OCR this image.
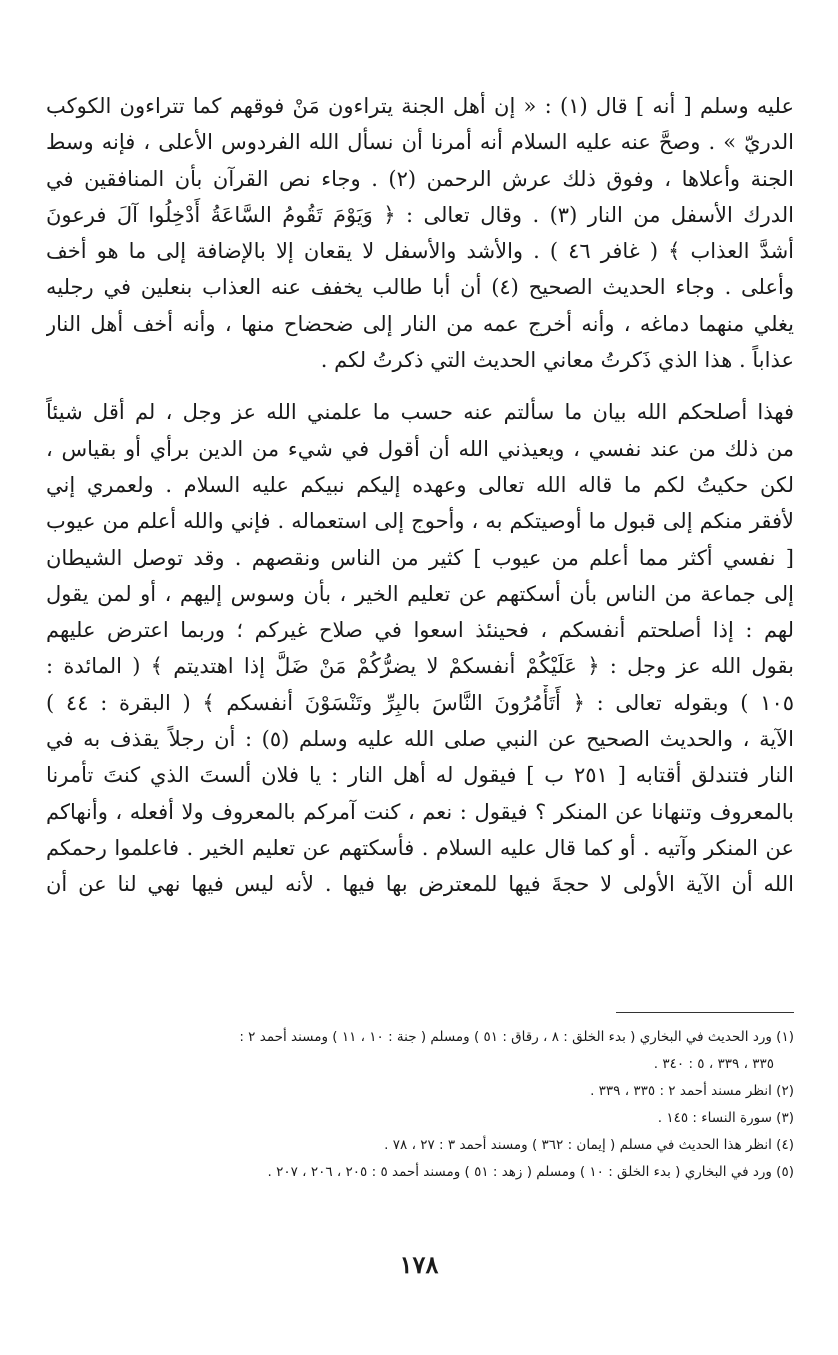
عليه وسلم [ أنه ] قال (١) : « إن أهل الجنة يتراءون مَنْ فوقهم كما تتراءون الكوكب
الدريّ » . وصحَّ عنه عليه السلام أنه أمرنا أن نسأل الله الفردوس الأعلى ، فإنه وسط
الجنة وأعلاها ، وفوق ذلك عرش الرحمن (٢) . وجاء نص القرآن بأن المنافقين في
الدرك الأسفل من النار (٣) . وقال تعالى : ﴿ وَيَوْمَ تَقُومُ السَّاعَةُ أَدْخِلُوا آلَ فرعونَ
أشدَّ العذاب ﴾ ( غافر ٤٦ ) . والأشد والأسفل لا يقعان إلا بالإضافة إلى ما هو أخف
وأعلى . وجاء الحديث الصحيح (٤) أن أبا طالب يخفف عنه العذاب بنعلين في رجليه
يغلي منهما دماغه ، وأنه أخرج عمه من النار إلى ضحضاح منها ، وأنه أخف أهل النار
عذاباً . هذا الذي ذَكرتُ معاني الحديث التي ذكرتُ لكم .
فهذا أصلحكم الله بيان ما سألتم عنه حسب ما علمني الله عز وجل ، لم أقل شيئاً
من ذلك من عند نفسي ، ويعيذني الله أن أقول في شيء من الدين برأي أو بقياس ،
لكن حكيتُ لكم ما قاله الله تعالى وعهده إليكم نبيكم عليه السلام . ولعمري إني
لأفقر منكم إلى قبول ما أوصيتكم به ، وأحوج إلى استعماله . فإني والله أعلم من عيوب
[ نفسي أكثر مما أعلم من عيوب ] كثير من الناس ونقصهم . وقد توصل الشيطان
إلى جماعة من الناس بأن أسكتهم عن تعليم الخير ، بأن وسوس إليهم ، أو لمن يقول
لهم : إذا أصلحتم أنفسكم ، فحينئذ اسعوا في صلاح غيركم ؛ وربما اعترض عليهم
بقول الله عز وجل : ﴿ عَلَيْكُمْ أنفسكمْ لا يضرُّكُمْ مَنْ ضَلَّ إذا اهتديتم ﴾ ( المائدة :
١٠٥ ) وبقوله تعالى : ﴿ أَتَأْمُرُونَ النَّاسَ بالبِرِّ وتَنْسَوْنَ أنفسكم ﴾ ( البقرة : ٤٤ )
الآية ، والحديث الصحيح عن النبي صلى الله عليه وسلم (٥) : أن رجلاً يقذف به في
النار فتندلق أقتابه [ ٢٥١ ب ] فيقول له أهل النار : يا فلان ألستَ الذي كنتَ تأمرنا
بالمعروف وتنهانا عن المنكر ؟ فيقول : نعم ، كنت آمركم بالمعروف ولا أفعله ، وأنهاكم
عن المنكر وآتيه . أو كما قال عليه السلام . فأسكتهم عن تعليم الخير . فاعلموا رحمكم
الله أن الآية الأولى لا حجةَ فيها للمعترض بها فيها . لأنه ليس فيها نهي لنا عن أن
(١) ورد الحديث في البخاري ( بدء الخلق : ٨ ، رقاق : ٥١ ) ومسلم ( جنة : ١٠ ، ١١ ) ومسند أحمد ٢ :
٣٣٥ ، ٣٣٩ ، ٥ : ٣٤٠ .
(٢) انظر مسند أحمد ٢ : ٣٣٥ ، ٣٣٩ .
(٣) سورة النساء : ١٤٥ .
(٤) انظر هذا الحديث في مسلم ( إيمان : ٣٦٢ ) ومسند أحمد ٣ : ٢٧ ، ٧٨ .
(٥) ورد في البخاري ( بدء الخلق : ١٠ ) ومسلم ( زهد : ٥١ ) ومسند أحمد ٥ : ٢٠٥ ، ٢٠٦ ، ٢٠٧ .
١٧٨
